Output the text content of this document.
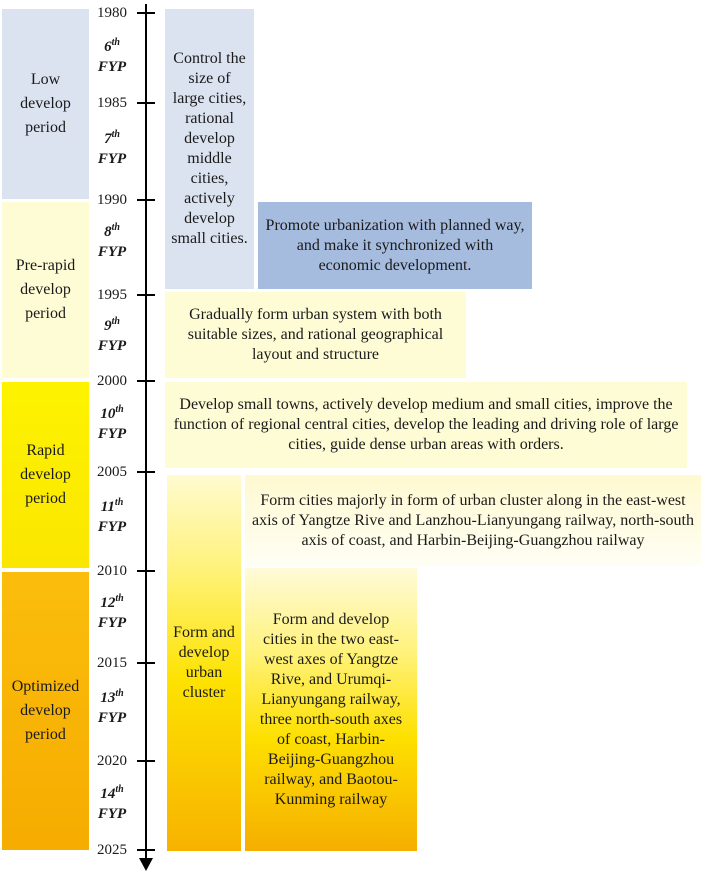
Low
develop
period
Pre-rapid
develop
period
Rapid
develop
period
Optimized
develop
period
1980
1985
1990
1995
2000
2005
2010
2015
2020
2025
6th
FYP
7th
FYP
8th
FYP
9th
FYP
10th
FYP
11th
FYP
12th
FYP
13th
FYP
14th
FYP
Control the size of large cities, rational develop middle cities, actively develop small cities.
Promote urbanization with planned way, and make it synchronized with economic development.
Gradually form urban system with both suitable sizes, and rational geographical layout and structure
Develop small towns, actively develop medium and small cities, improve the function of regional central cities, develop the leading and driving role of large cities, guide dense urban areas with orders.
Form and develop urban cluster
Form cities majorly in form of urban cluster along in the east-west axis of Yangtze Rive and Lanzhou-Lianyungang railway, north-south axis of coast, and Harbin-Beijing-Guangzhou railway
Form and develop cities in the two east-west axes of Yangtze Rive, and Urumqi-Lianyungang railway, three north-south axes of coast, Harbin-Beijing-Guangzhou railway, and Baotou-Kunming railway
